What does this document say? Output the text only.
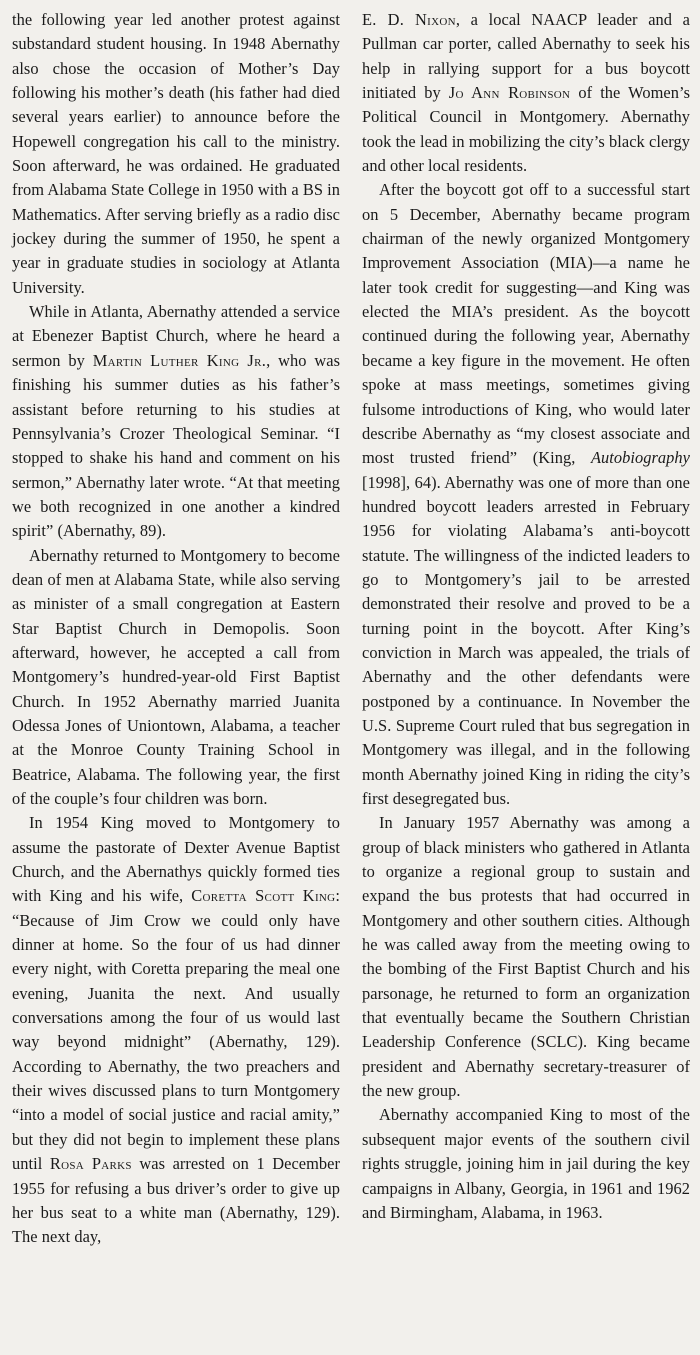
the following year led another protest against substandard student housing. In 1948 Abernathy also chose the occasion of Mother’s Day following his mother’s death (his father had died several years earlier) to announce before the Hopewell congregation his call to the ministry. Soon afterward, he was ordained. He graduated from Alabama State College in 1950 with a BS in Mathematics. After serving briefly as a radio disc jockey during the summer of 1950, he spent a year in graduate studies in sociology at Atlanta University.

While in Atlanta, Abernathy attended a service at Ebenezer Baptist Church, where he heard a sermon by Martin Luther King Jr., who was finishing his summer duties as his father’s assistant before returning to his studies at Pennsylvania’s Crozer Theological Seminar. “I stopped to shake his hand and comment on his sermon,” Abernathy later wrote. “At that meeting we both recognized in one another a kindred spirit” (Abernathy, 89).

Abernathy returned to Montgomery to become dean of men at Alabama State, while also serving as minister of a small congregation at Eastern Star Baptist Church in Demopolis. Soon afterward, however, he accepted a call from Montgomery’s hundred-year-old First Baptist Church. In 1952 Abernathy married Juanita Odessa Jones of Uniontown, Alabama, a teacher at the Monroe County Training School in Beatrice, Alabama. The following year, the first of the couple’s four children was born.

In 1954 King moved to Montgomery to assume the pastorate of Dexter Avenue Baptist Church, and the Abernathys quickly formed ties with King and his wife, Coretta Scott King: “Because of Jim Crow we could only have dinner at home. So the four of us had dinner every night, with Coretta preparing the meal one evening, Juanita the next. And usually conversations among the four of us would last way beyond midnight” (Abernathy, 129). According to Abernathy, the two preachers and their wives discussed plans to turn Montgomery “into a model of social justice and racial amity,” but they did not begin to implement these plans until Rosa Parks was arrested on 1 December 1955 for refusing a bus driver’s order to give up her bus seat to a white man (Abernathy, 129). The next day,

E. D. Nixon, a local NAACP leader and a Pullman car porter, called Abernathy to seek his help in rallying support for a bus boycott initiated by Jo Ann Robinson of the Women’s Political Council in Montgomery. Abernathy took the lead in mobilizing the city’s black clergy and other local residents.

After the boycott got off to a successful start on 5 December, Abernathy became program chairman of the newly organized Montgomery Improvement Association (MIA)—a name he later took credit for suggesting—and King was elected the MIA’s president. As the boycott continued during the following year, Abernathy became a key figure in the movement. He often spoke at mass meetings, sometimes giving fulsome introductions of King, who would later describe Abernathy as “my closest associate and most trusted friend” (King, Autobiography [1998], 64). Abernathy was one of more than one hundred boycott leaders arrested in February 1956 for violating Alabama’s anti-boycott statute. The willingness of the indicted leaders to go to Montgomery’s jail to be arrested demonstrated their resolve and proved to be a turning point in the boycott. After King’s conviction in March was appealed, the trials of Abernathy and the other defendants were postponed by a continuance. In November the U.S. Supreme Court ruled that bus segregation in Montgomery was illegal, and in the following month Abernathy joined King in riding the city’s first desegregated bus.

In January 1957 Abernathy was among a group of black ministers who gathered in Atlanta to organize a regional group to sustain and expand the bus protests that had occurred in Montgomery and other southern cities. Although he was called away from the meeting owing to the bombing of the First Baptist Church and his parsonage, he returned to form an organization that eventually became the Southern Christian Leadership Conference (SCLC). King became president and Abernathy secretary-treasurer of the new group.

Abernathy accompanied King to most of the subsequent major events of the southern civil rights struggle, joining him in jail during the key campaigns in Albany, Georgia, in 1961 and 1962 and Birmingham, Alabama, in 1963.
